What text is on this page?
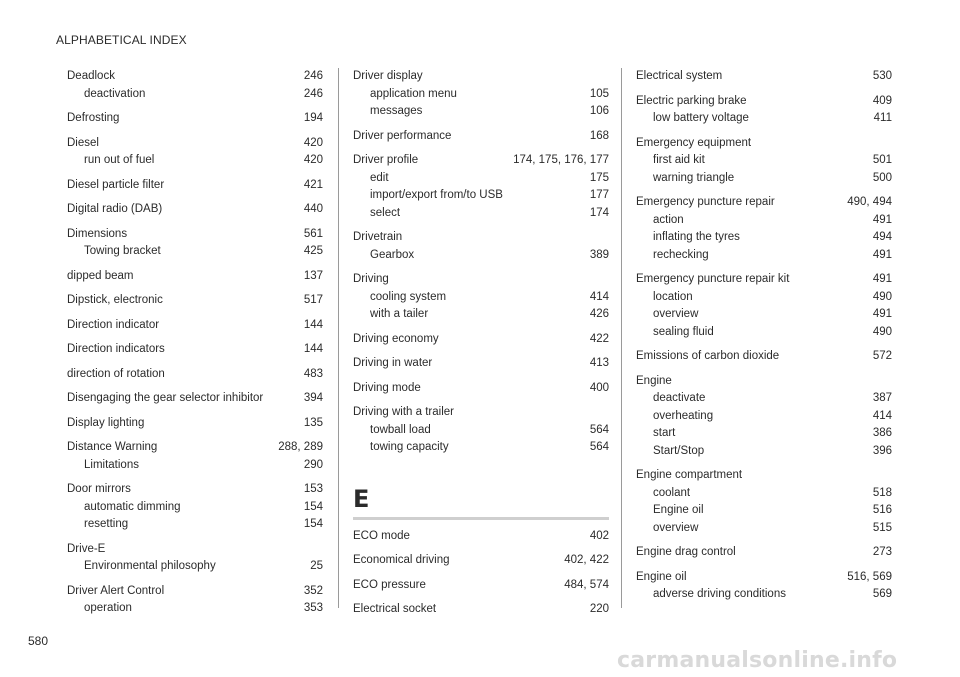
ALPHABETICAL INDEX
Deadlock	246
deactivation	246
Defrosting	194
Diesel	420
run out of fuel	420
Diesel particle filter	421
Digital radio (DAB)	440
Dimensions	561
Towing bracket	425
dipped beam	137
Dipstick, electronic	517
Direction indicator	144
Direction indicators	144
direction of rotation	483
Disengaging the gear selector inhibitor	394
Display lighting	135
Distance Warning	288, 289
Limitations	290
Door mirrors	153
automatic dimming	154
resetting	154
Drive-E
Environmental philosophy	25
Driver Alert Control	352
operation	353
Driver display
application menu	105
messages	106
Driver performance	168
Driver profile	174, 175, 176, 177
edit	175
import/export from/to USB	177
select	174
Drivetrain
Gearbox	389
Driving
cooling system	414
with a tailer	426
Driving economy	422
Driving in water	413
Driving mode	400
Driving with a trailer
towball load	564
towing capacity	564
E
ECO mode	402
Economical driving	402, 422
ECO pressure	484, 574
Electrical socket	220
Electrical system	530
Electric parking brake	409
low battery voltage	411
Emergency equipment
first aid kit	501
warning triangle	500
Emergency puncture repair	490, 494
action	491
inflating the tyres	494
rechecking	491
Emergency puncture repair kit	491
location	490
overview	491
sealing fluid	490
Emissions of carbon dioxide	572
Engine
deactivate	387
overheating	414
start	386
Start/Stop	396
Engine compartment
coolant	518
Engine oil	516
overview	515
Engine drag control	273
Engine oil	516, 569
adverse driving conditions	569
580
carmanualsonline.info
